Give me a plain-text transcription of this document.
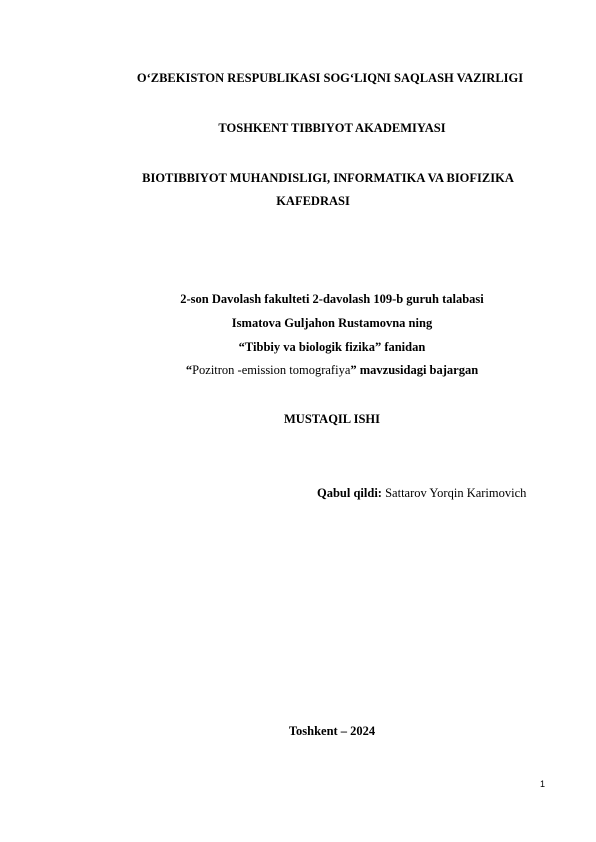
O‘ZBEKISTON RESPUBLIKASI SOG‘LIQNI SAQLASH VAZIRLIGI
TOSHKENT TIBBIYOT AKADEMIYASI
BIOTIBBIYOT MUHANDISLIGI, INFORMATIKA VA BIOFIZIKA
KAFEDRASI
2-son Davolash fakulteti 2-davolash 109-b guruh talabasi
Ismatova Guljahon Rustamovna ning
“Tibbiy va biologik fizika” fanidan
“Pozitron -emission tomografiya” mavzusidagi bajargan
MUSTAQIL ISHI
Qabul qildi: Sattarov Yorqin Karimovich
Toshkent – 2024
1
